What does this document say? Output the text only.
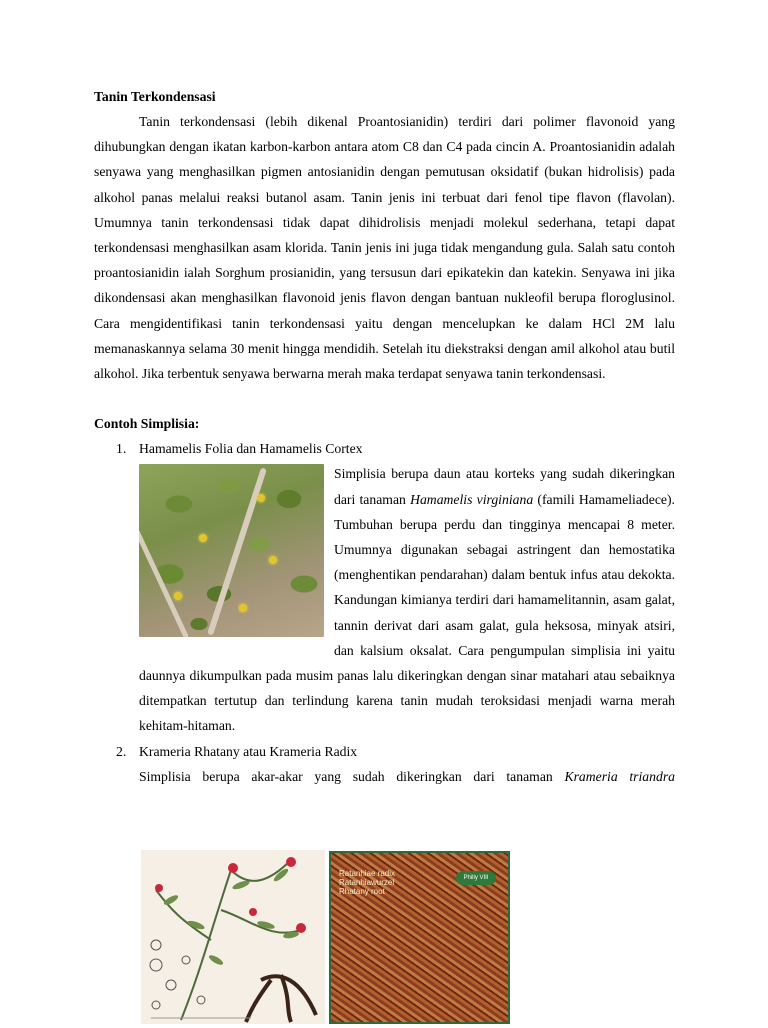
Tanin Terkondensasi

Tanin terkondensasi (lebih dikenal Proantosianidin) terdiri dari polimer flavonoid yang dihubungkan dengan ikatan karbon-karbon antara atom C8 dan C4 pada cincin A. Proantosianidin adalah senyawa yang menghasilkan pigmen antosianidin dengan pemutusan oksidatif (bukan hidrolisis) pada alkohol panas melalui reaksi butanol asam. Tanin jenis ini terbuat dari fenol tipe flavon (flavolan). Umumnya tanin terkondensasi tidak dapat dihidrolisis menjadi molekul sederhana, tetapi dapat terkondensasi menghasilkan asam klorida. Tanin jenis ini juga tidak mengandung gula. Salah satu contoh proantosianidin ialah Sorghum prosianidin, yang tersusun dari epikatekin dan katekin. Senyawa ini jika dikondensasi akan menghasilkan flavonoid jenis flavon dengan bantuan nukleofil berupa floroglusinol. Cara mengidentifikasi tanin terkondensasi yaitu dengan mencelupkan ke dalam HCl 2M lalu memanaskannya selama 30 menit hingga mendidih. Setelah itu diekstraksi dengan amil alkohol atau butil alkohol. Jika terbentuk senyawa berwarna merah maka terdapat senyawa tanin terkondensasi.

Contoh Simplisia:
1. Hamamelis Folia dan Hamamelis Cortex
Simplisia berupa daun atau korteks yang sudah dikeringkan dari tanaman Hamamelis virginiana (famili Hamameliadece). Tumbuhan berupa perdu dan tingginya mencapai 8 meter. Umumnya digunakan sebagai astringent dan hemostatika (menghentikan pendarahan) dalam bentuk infus atau dekokta. Kandungan kimianya terdiri dari hamamelitannin, asam galat, tannin derivat dari asam galat, gula heksosa, minyak atsiri, dan kalsium oksalat. Cara pengumpulan simplisia ini yaitu daunnya dikumpulkan pada musim panas lalu dikeringkan dengan sinar matahari atau sebaiknya ditempatkan tertutup dan terlindung karena tanin mudah teroksidasi menjadi warna merah kehitam-hitaman.
2. Krameria Rhatany atau Krameria Radix
Simplisia berupa akar-akar yang sudah dikeringkan dari tanaman Krameria triandra
Ratanhiae radix
Ratanhiawurzel
Rhatany root
Philly VIII
